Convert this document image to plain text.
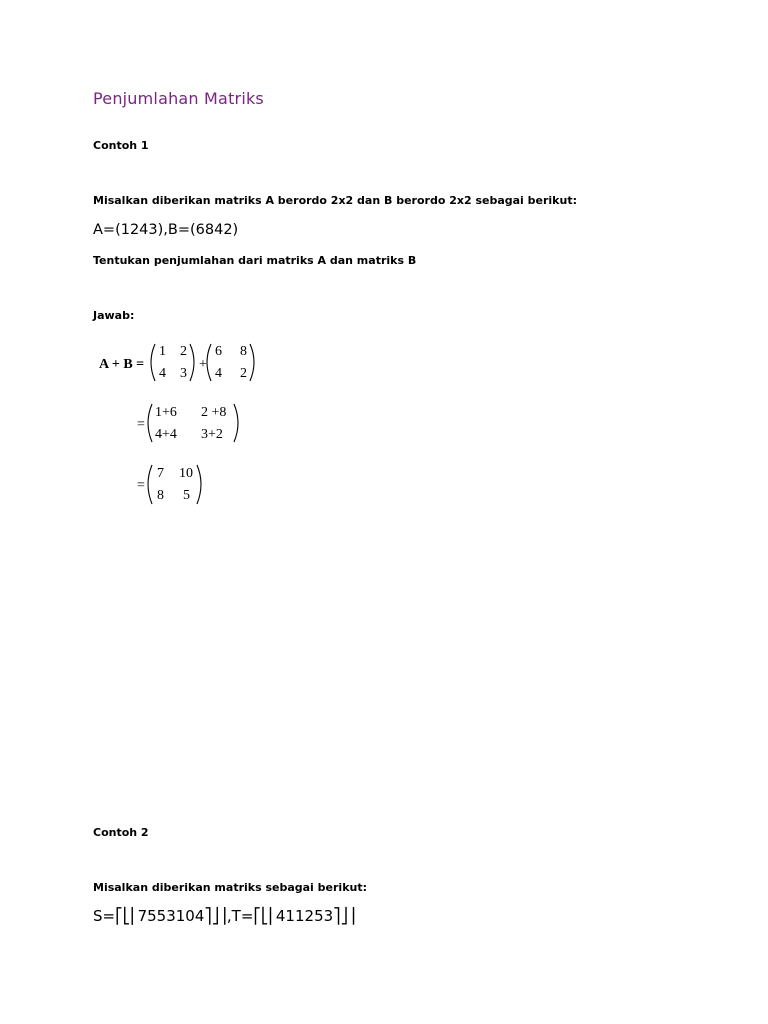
Penjumlahan Matriks
Contoh 1
Misalkan diberikan matriks A berordo 2x2 dan B berordo 2x2 sebagai berikut:
A=(1243),B=(6842)
Tentukan penjumlahan dari matriks A dan matriks B
Jawab:
A + B =
1 2
4 3
+
6 8
4 2
=
1+6 2 +8
4+4 3+2
=
7 10
8 5
Contoh 2
Misalkan diberikan matriks sebagai berikut:
S=⎡⎣⎢7553104⎤⎦⎥,T=⎡⎣⎢411253⎤⎦⎥
